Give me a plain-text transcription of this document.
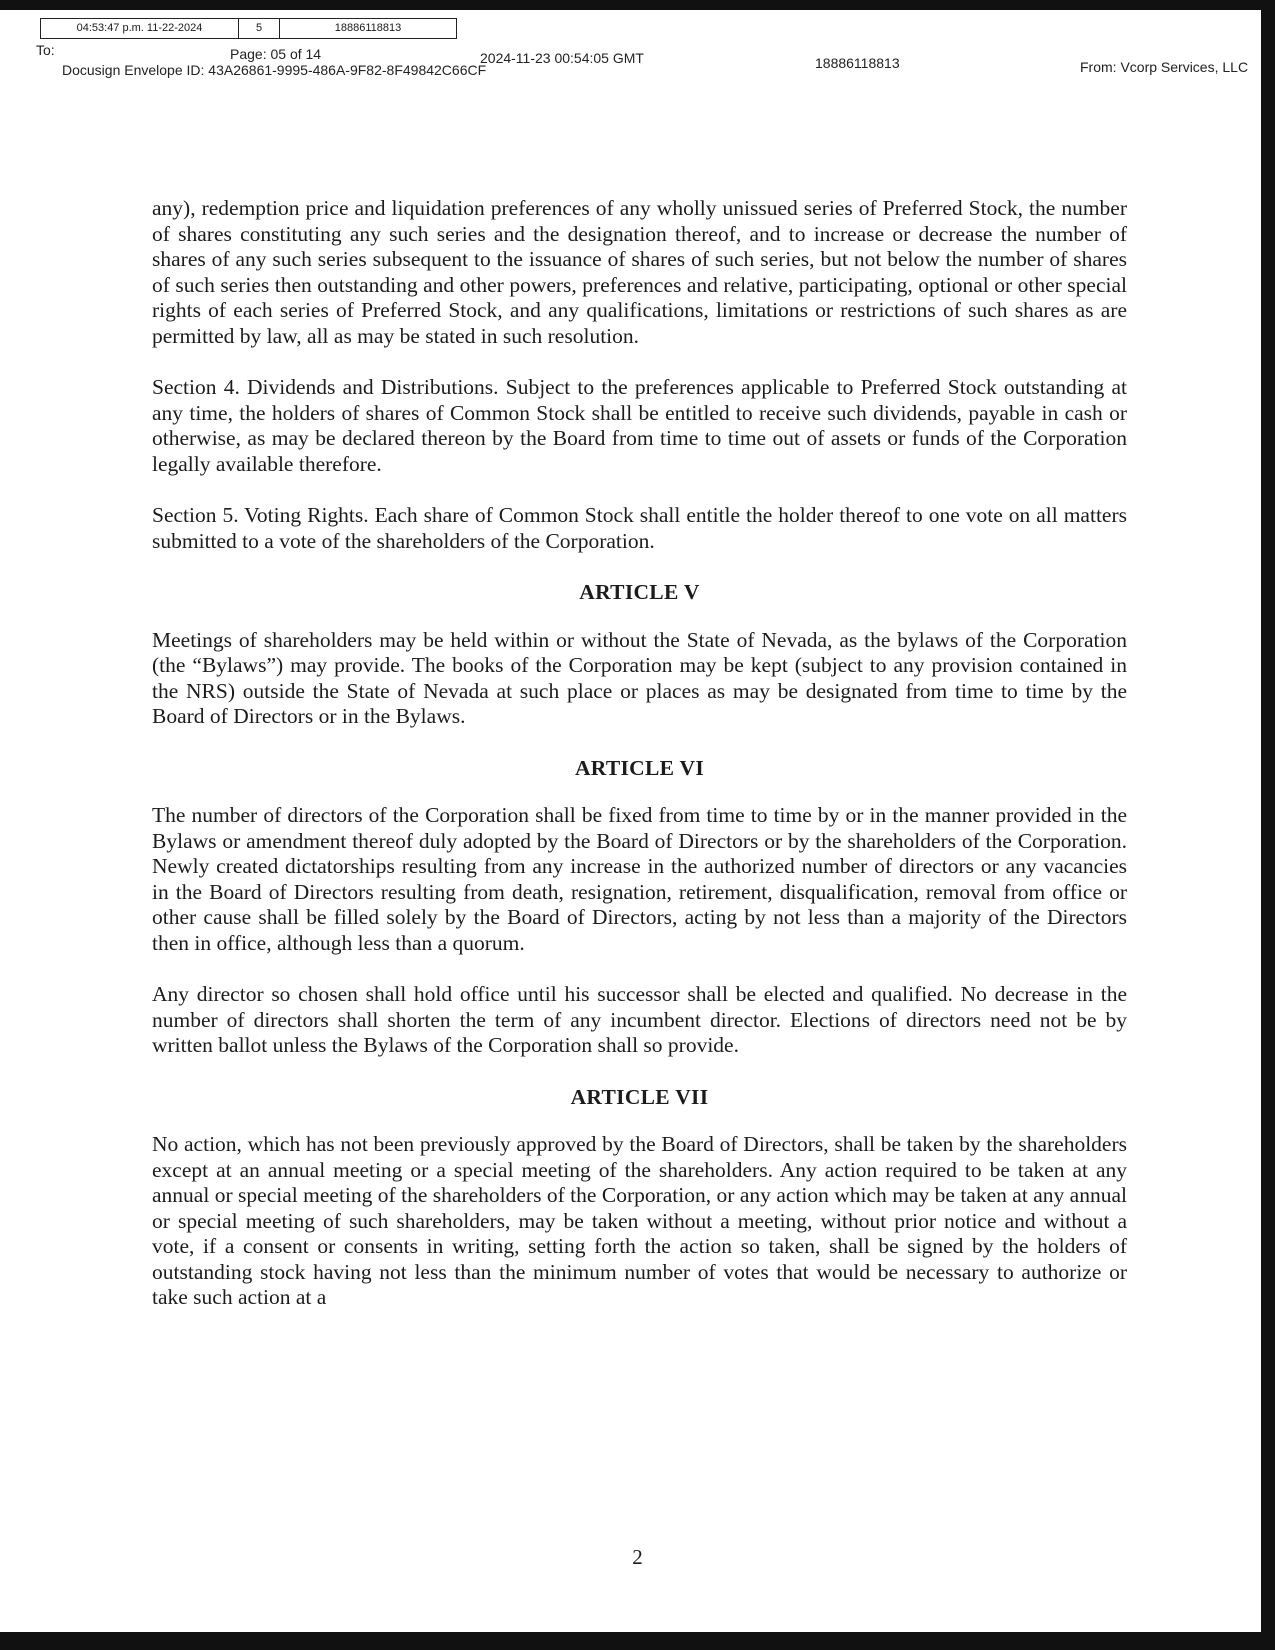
04:53:47 p.m. 11-22-2024	5	18886118813
To:	Page: 05 of 14	2024-11-23 00:54:05 GMT	18886118813	From: Vcorp Services, LLC
Docusign Envelope ID: 43A26861-9995-486A-9F82-8F49842C66CF

any), redemption price and liquidation preferences of any wholly unissued series of Preferred Stock, the number of shares constituting any such series and the designation thereof, and to increase or decrease the number of shares of any such series subsequent to the issuance of shares of such series, but not below the number of shares of such series then outstanding and other powers, preferences and relative, participating, optional or other special rights of each series of Preferred Stock, and any qualifications, limitations or restrictions of such shares as are permitted by law, all as may be stated in such resolution.

Section 4. Dividends and Distributions. Subject to the preferences applicable to Preferred Stock outstanding at any time, the holders of shares of Common Stock shall be entitled to receive such dividends, payable in cash or otherwise, as may be declared thereon by the Board from time to time out of assets or funds of the Corporation legally available therefore.

Section 5. Voting Rights. Each share of Common Stock shall entitle the holder thereof to one vote on all matters submitted to a vote of the shareholders of the Corporation.

ARTICLE V

Meetings of shareholders may be held within or without the State of Nevada, as the bylaws of the Corporation (the “Bylaws”) may provide. The books of the Corporation may be kept (subject to any provision contained in the NRS) outside the State of Nevada at such place or places as may be designated from time to time by the Board of Directors or in the Bylaws.

ARTICLE VI

The number of directors of the Corporation shall be fixed from time to time by or in the manner provided in the Bylaws or amendment thereof duly adopted by the Board of Directors or by the shareholders of the Corporation. Newly created dictatorships resulting from any increase in the authorized number of directors or any vacancies in the Board of Directors resulting from death, resignation, retirement, disqualification, removal from office or other cause shall be filled solely by the Board of Directors, acting by not less than a majority of the Directors then in office, although less than a quorum.

Any director so chosen shall hold office until his successor shall be elected and qualified. No decrease in the number of directors shall shorten the term of any incumbent director. Elections of directors need not be by written ballot unless the Bylaws of the Corporation shall so provide.

ARTICLE VII

No action, which has not been previously approved by the Board of Directors, shall be taken by the shareholders except at an annual meeting or a special meeting of the shareholders. Any action required to be taken at any annual or special meeting of the shareholders of the Corporation, or any action which may be taken at any annual or special meeting of such shareholders, may be taken without a meeting, without prior notice and without a vote, if a consent or consents in writing, setting forth the action so taken, shall be signed by the holders of outstanding stock having not less than the minimum number of votes that would be necessary to authorize or take such action at a

2
